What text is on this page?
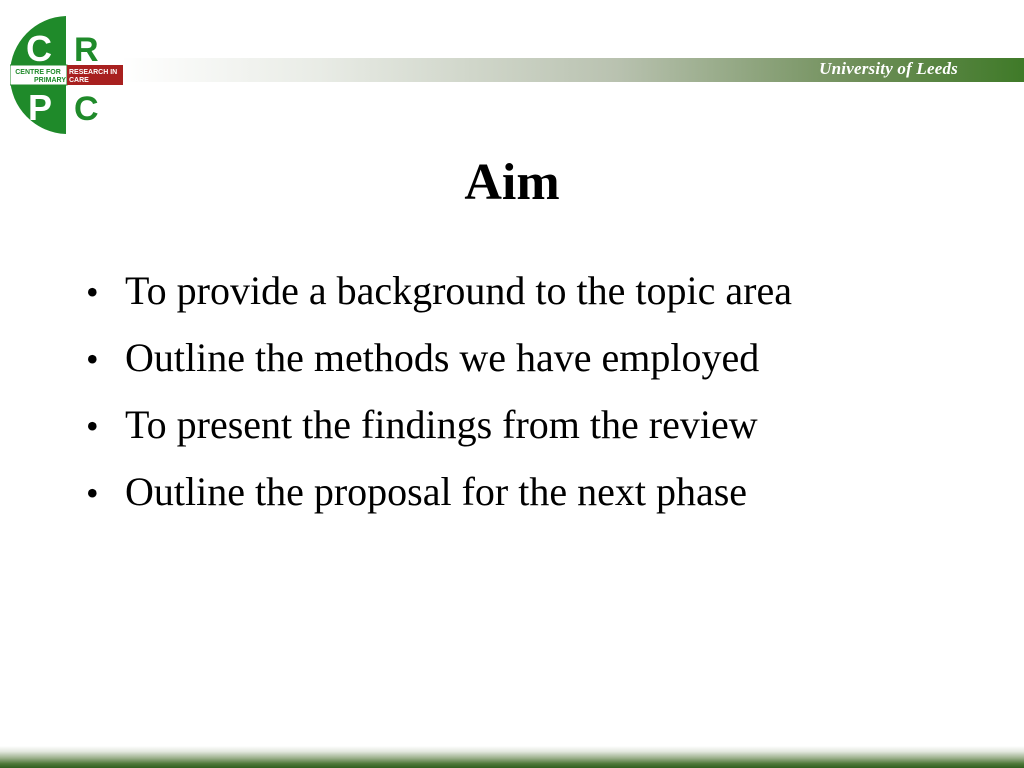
University of Leeds
C R
P C
CENTRE FOR
PRIMARY
RESEARCH IN
CARE
Aim
• To provide a background to the topic area
• Outline the methods we have employed
• To present the findings from the review
• Outline the proposal for the next phase
